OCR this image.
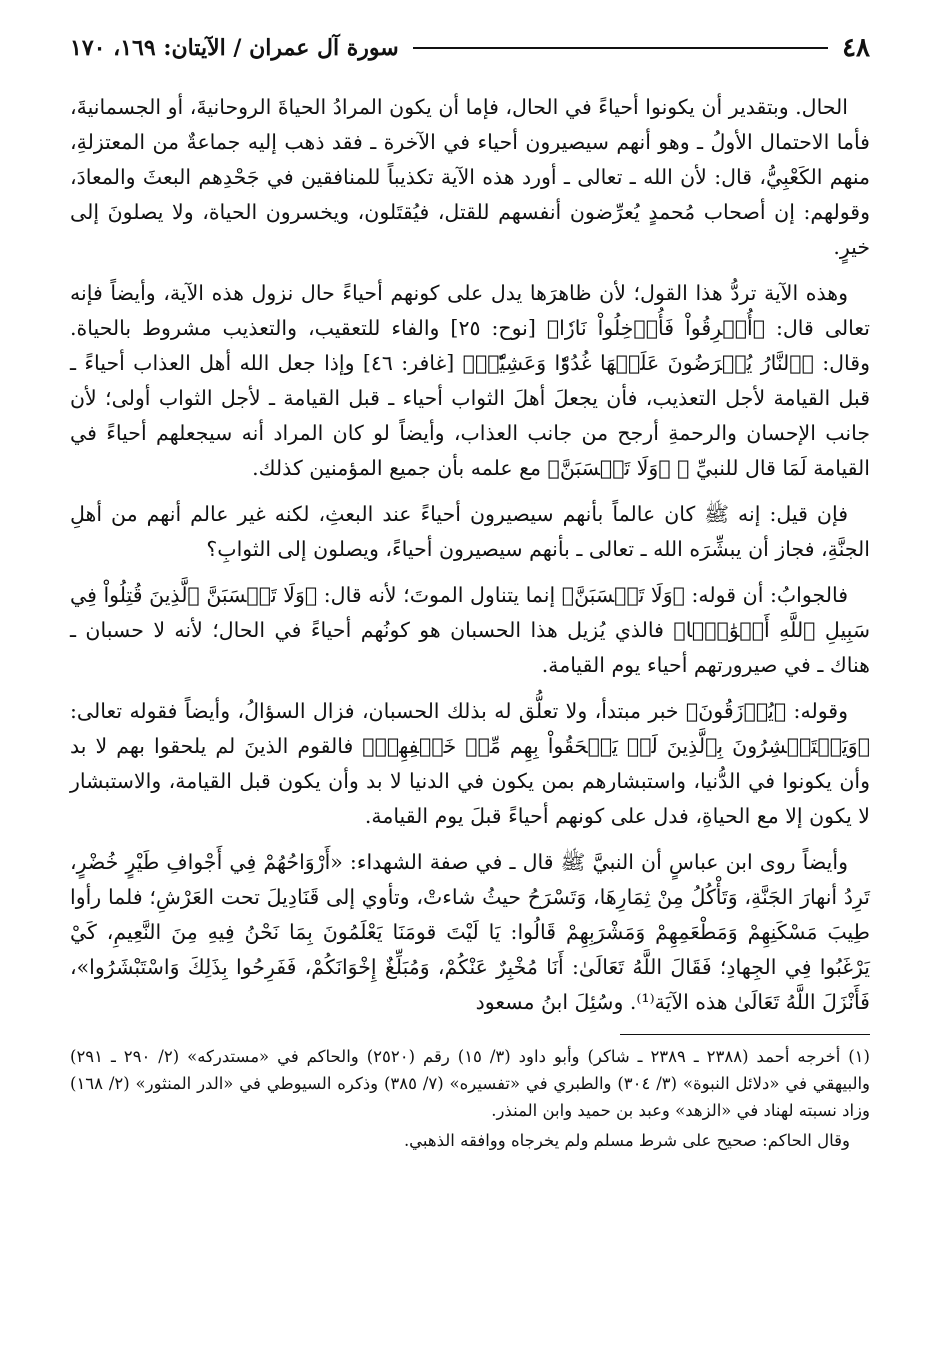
٤٨
سورة آل عمران / الآيتان: ١٦٩، ١٧٠

الحال. وبتقدير أن يكونوا أحياءً في الحال، فإما أن يكون المرادُ الحياةَ الروحانيةَ، أو الجسمانيةَ، فأما الاحتمال الأولُ ـ وهو أنهم سيصيرون أحياء في الآخرة ـ فقد ذهب إليه جماعةٌ من المعتزلةِ، منهم الكَعْبِيُّ، قال: لأن الله ـ تعالى ـ أورد هذه الآية تكذيباً للمنافقين في جَحْدِهم البعثَ والمعادَ، وقولهم: إن أصحاب مُحمدٍ يُعرِّضون أنفسهم للقتل، فيُقتَلون، ويخسرون الحياة، ولا يصلونَ إلى خيرٍ.

وهذه الآية تردُّ هذا القول؛ لأن ظاهرَها يدل على كونهم أحياءً حال نزول هذه الآية، وأيضاً فإنه تعالى قال: ﴿أُغۡرِقُواْ فَأُدۡخِلُواْ نَارٗا﴾ [نوح: ٢٥] والفاء للتعقيب، والتعذيب مشروط بالحياة. وقال: ﴿ٱلنَّارُ يُعۡرَضُونَ عَلَيۡهَا غُدُوّٗا وَعَشِيّٗاۚ﴾ [غافر: ٤٦] وإذا جعل الله أهل العذاب أحياءً ـ قبل القيامة لأجل التعذيب، فأن يجعلَ أهلَ الثواب أحياء ـ قبل القيامة ـ لأجل الثواب أولى؛ لأن جانب الإحسان والرحمةِ أرجح من جانب العذاب، وأيضاً لو كان المراد أنه سيجعلهم أحياءً في القيامة لَمَا قال للنبيِّ ﷺ ﴿وَلَا تَحۡسَبَنَّ﴾ مع علمه بأن جميع المؤمنين كذلك.

فإن قيل: إنه ﷺ كان عالماً بأنهم سيصيرون أحياءً عند البعثِ، لكنه غير عالم أنهم من أهلِ الجنَّةِ، فجاز أن يبشِّرَه الله ـ تعالى ـ بأنهم سيصيرون أحياءً، ويصلون إلى الثوابِ؟

فالجوابُ: أن قوله: ﴿وَلَا تَحۡسَبَنَّ﴾ إنما يتناول الموتَ؛ لأنه قال: ﴿وَلَا تَحۡسَبَنَّ ٱلَّذِينَ قُتِلُواْ فِي سَبِيلِ ٱللَّهِ أَمۡوَٰتَۢا﴾ فالذي يُزيل هذا الحسبان هو كونُهم أحياءً في الحال؛ لأنه لا حسبان ـ هناك ـ في صيرورتهم أحياء يوم القيامة.

وقوله: ﴿يُرۡزَقُونَ﴾ خبر مبتدأ، ولا تعلُّق له بذلك الحسبان، فزال السؤالُ، وأيضاً فقوله تعالى: ﴿وَيَسۡتَبۡشِرُونَ بِٱلَّذِينَ لَمۡ يَلۡحَقُواْ بِهِم مِّنۡ خَلۡفِهِمۡ﴾ فالقوم الذينَ لم يلحقوا بهم لا بد وأن يكونوا في الدُّنيا، واستبشارهم بمن يكون في الدنيا لا بد وأن يكون قبل القيامة، والاستبشار لا يكون إلا مع الحياةِ، فدل على كونهم أحياءً قبلَ يوم القيامة.

وأيضاً روى ابن عباسٍ أن النبيَّ ﷺ قال ـ في صفة الشهداء: «أَرْوَاحُهُمْ فِي أَجْوافِ طَيْرٍ خُضْرٍ، تَرِدُ أنهارَ الجَنَّةِ، وَتَأْكُلُ مِنْ ثِمَارِهَا، وَتَسْرَحُ حيثُ شاءتْ، وتأوي إلى قَنَادِيلَ تحت العَرْشِ؛ فلما رأوا طِيبَ مَسْكَنِهِمْ وَمَطْعَمِهِمْ وَمَشْرَبِهِمْ قَالُوا: يَا لَيْتَ قومَنَا يَعْلَمُونَ بِمَا نَحْنُ فِيهِ مِنَ النَّعِيمِ، كَيْ يَرْغَبُوا فِي الجِهادِ؛ فَقَالَ اللَّهُ تَعَالَىٰ: أَنَا مُخْبِرٌ عَنْكُمْ، وَمُبَلِّغٌ إِخْوَانَكُمْ، فَفَرِحُوا بِذَلِكَ وَاسْتَبْشَرُوا»، فَأَنْزَلَ اللَّهُ تَعَالَىٰ هذه الآيَة⁽¹⁾. وسُئِلَ ابنُ مسعود

(١) أخرجه أحمد (٢٣٨٨ ـ ٢٣٨٩ ـ شاكر) وأبو داود (٣/ ١٥) رقم (٢٥٢٠) والحاكم في «مستدركه» (٢/ ٢٩٠ ـ ٢٩١) والبيهقي في «دلائل النبوة» (٣/ ٣٠٤) والطبري في «تفسيره» (٧/ ٣٨٥) وذكره السيوطي في «الدر المنثور» (٢/ ١٦٨) وزاد نسبته لهناد في «الزهد» وعبد بن حميد وابن المنذر.

وقال الحاكم: صحيح على شرط مسلم ولم يخرجاه ووافقه الذهبي.
